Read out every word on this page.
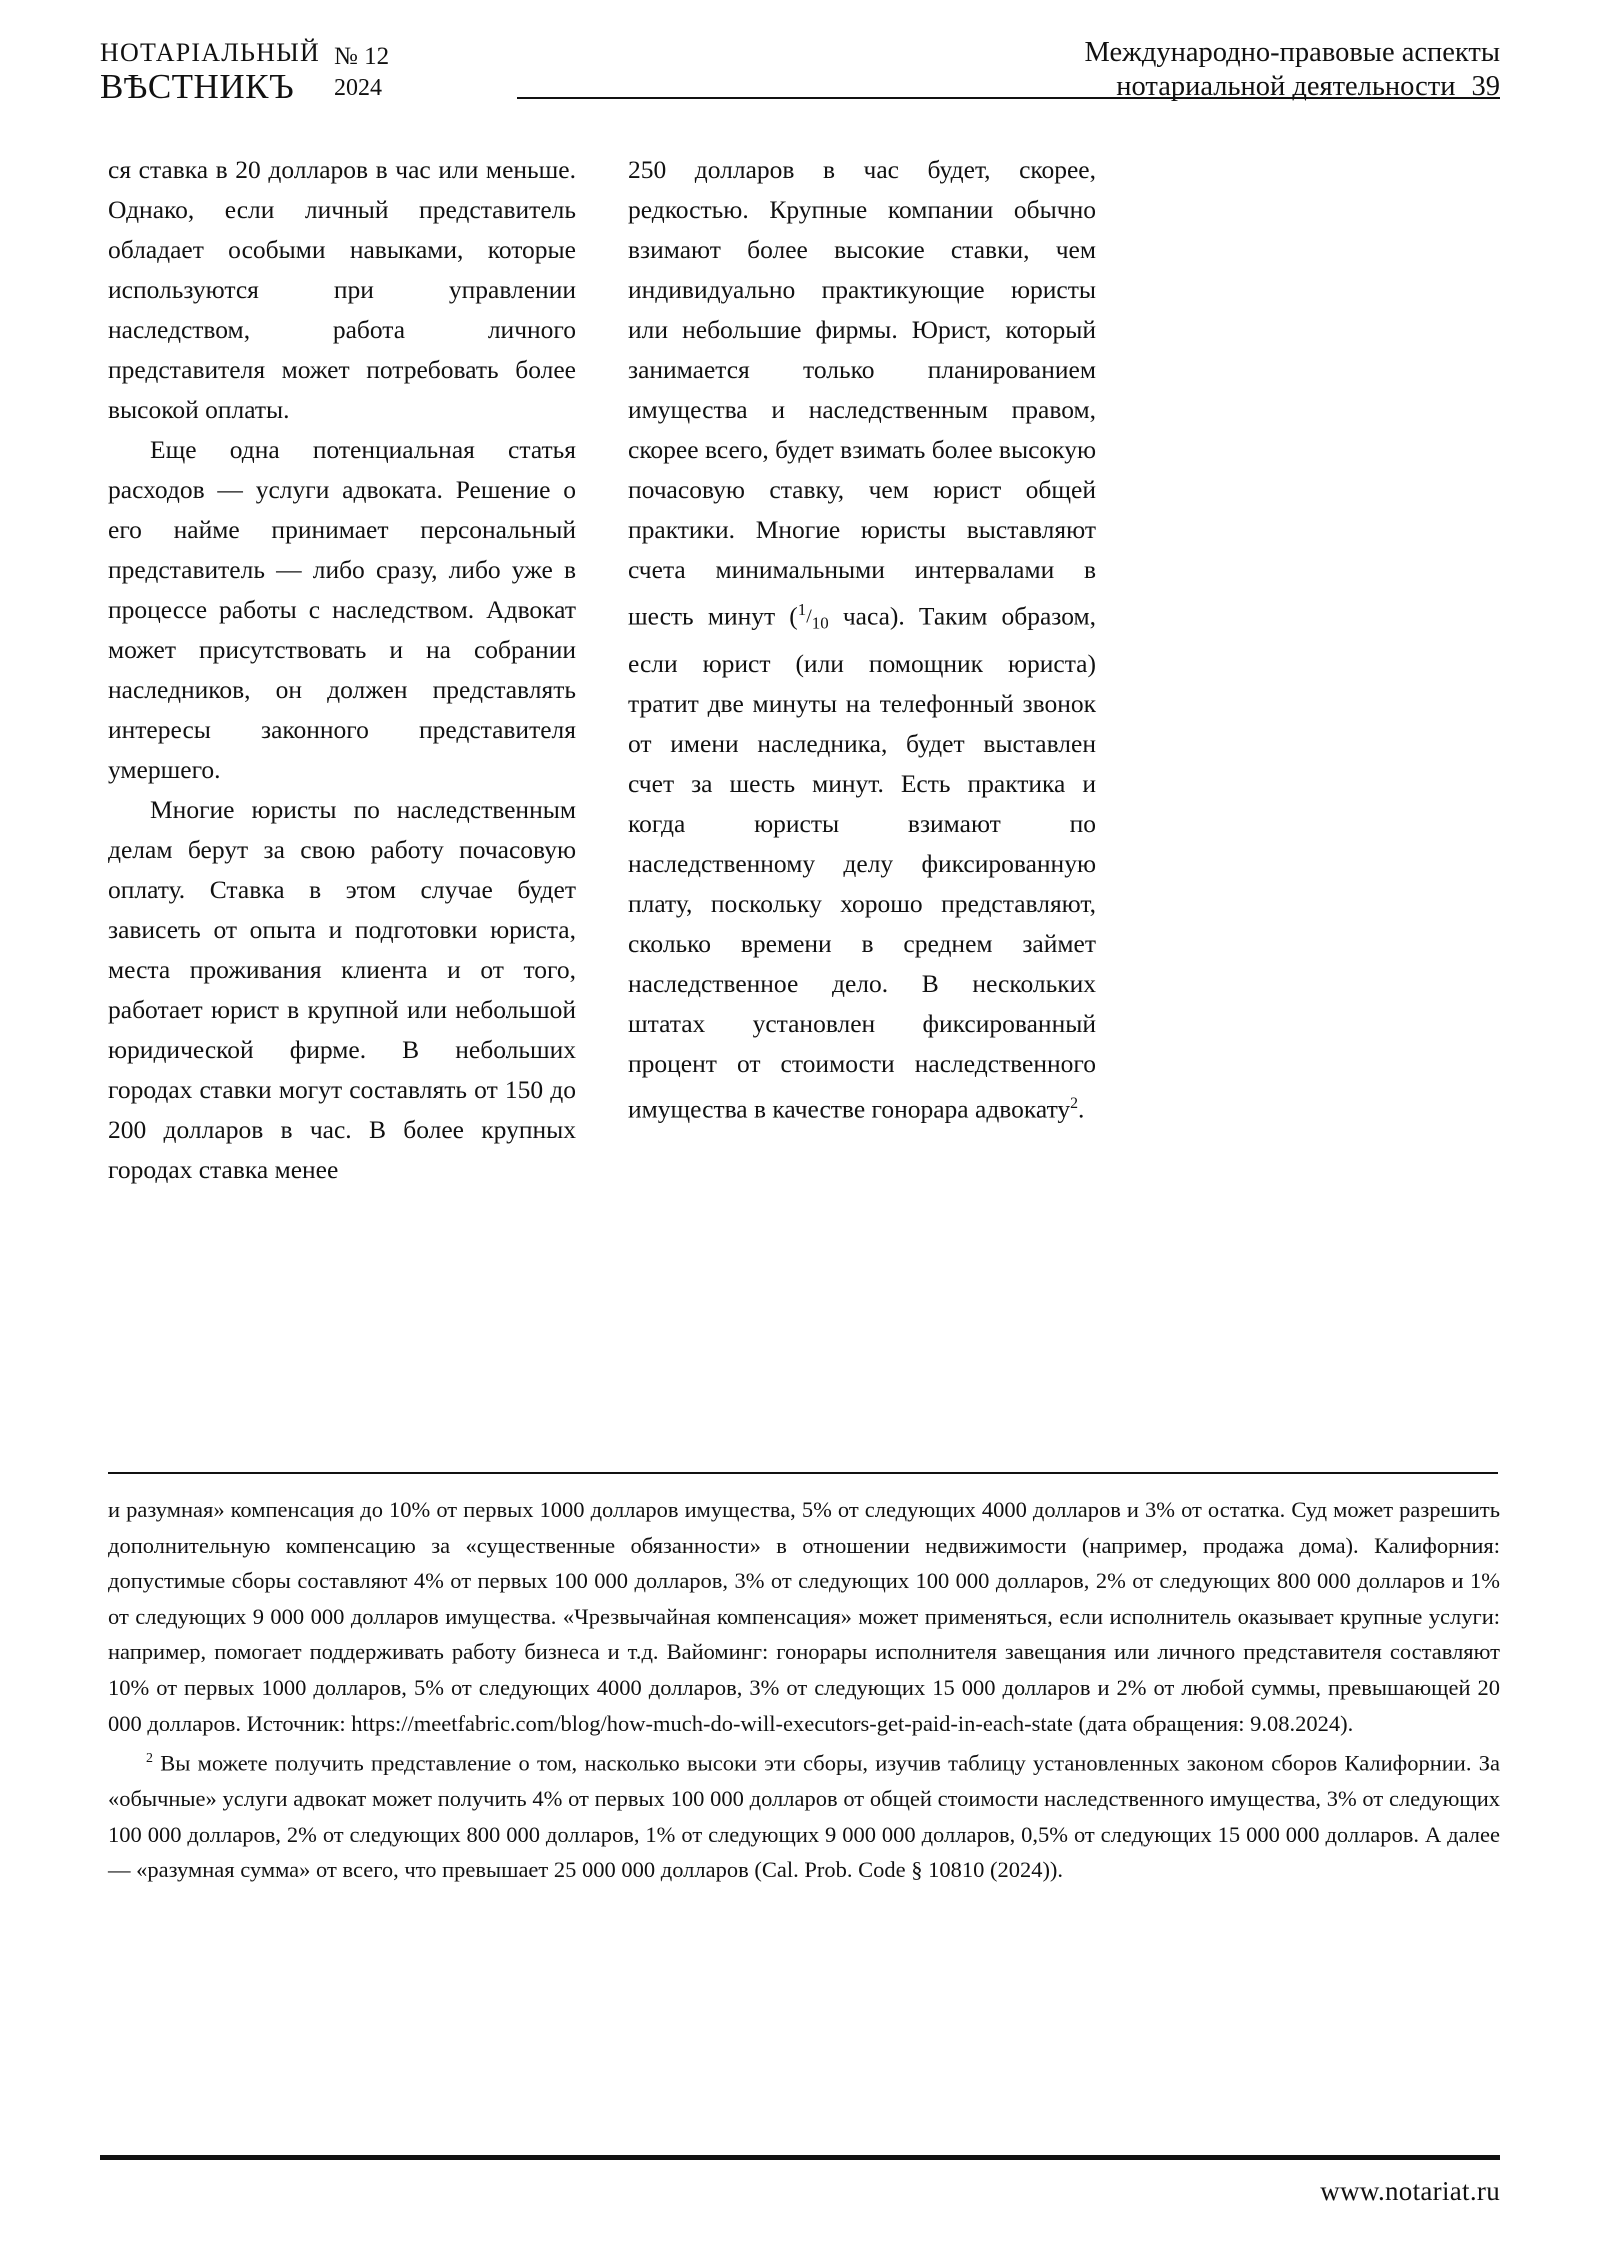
НОТАРIАЛЬНЫЙ
ВѢСТНИКЪ
№ 12
2024
Международно-правовые аспекты
нотариальной деятельности 39

ся ставка в 20 долларов в час или меньше. Однако, если личный представитель обладает особыми навыками, которые используются при управлении наследством, работа личного представителя может потребовать более высокой оплаты.

Еще одна потенциальная статья расходов — услуги адвоката. Решение о его найме принимает персональный представитель — либо сразу, либо уже в процессе работы с наследством. Адвокат может присутствовать и на собрании наследников, он должен представлять интересы законного представителя умершего.

Многие юристы по наследственным делам берут за свою работу почасовую оплату. Ставка в этом случае будет зависеть от опыта и подготовки юриста, места проживания клиента и от того, работает юрист в крупной или небольшой юридической фирме. В небольших городах ставки могут составлять от 150 до 200 долларов в час. В более крупных городах ставка менее

250 долларов в час будет, скорее, редкостью. Крупные компании обычно взимают более высокие ставки, чем индивидуально практикующие юристы или небольшие фирмы. Юрист, который занимается только планированием имущества и наследственным правом, скорее всего, будет взимать более высокую почасовую ставку, чем юрист общей практики. Многие юристы выставляют счета минимальными интервалами в шесть минут ($^1/_{10}$ часа). Таким образом, если юрист (или помощник юриста) тратит две минуты на телефонный звонок от имени наследника, будет выставлен счет за шесть минут. Есть практика и когда юристы взимают по наследственному делу фиксированную плату, поскольку хорошо представляют, сколько времени в среднем займет наследственное дело. В нескольких штатах установлен фиксированный процент от стоимости наследственного имущества в качестве гонорара адвокату$^2$.

и разумная» компенсация до 10% от первых 1000 долларов имущества, 5% от следующих 4000 долларов и 3% от остатка. Суд может разрешить дополнительную компенсацию за «существенные обязанности» в отношении недвижимости (например, продажа дома). Калифорния: допустимые сборы составляют 4% от первых 100 000 долларов, 3% от следующих 100 000 долларов, 2% от следующих 800 000 долларов и 1% от следующих 9 000 000 долларов имущества. «Чрезвычайная компенсация» может применяться, если исполнитель оказывает крупные услуги: например, помогает поддерживать работу бизнеса и т.д. Вайоминг: гонорары исполнителя завещания или личного представителя составляют 10% от первых 1000 долларов, 5% от следующих 4000 долларов, 3% от следующих 15 000 долларов и 2% от любой суммы, превышающей 20 000 долларов. Источник: https://meetfabric.com/blog/how-much-do-will-executors-get-paid-in-each-state (дата обращения: 9.08.2024).

$^2$ Вы можете получить представление о том, насколько высоки эти сборы, изучив таблицу установленных законом сборов Калифорнии. За «обычные» услуги адвокат может получить 4% от первых 100 000 долларов от общей стоимости наследственного имущества, 3% от следующих 100 000 долларов, 2% от следующих 800 000 долларов, 1% от следующих 9 000 000 долларов, 0,5% от следующих 15 000 000 долларов. А далее — «разумная сумма» от всего, что превышает 25 000 000 долларов (Cal. Prob. Code § 10810 (2024)).

www.notariat.ru
